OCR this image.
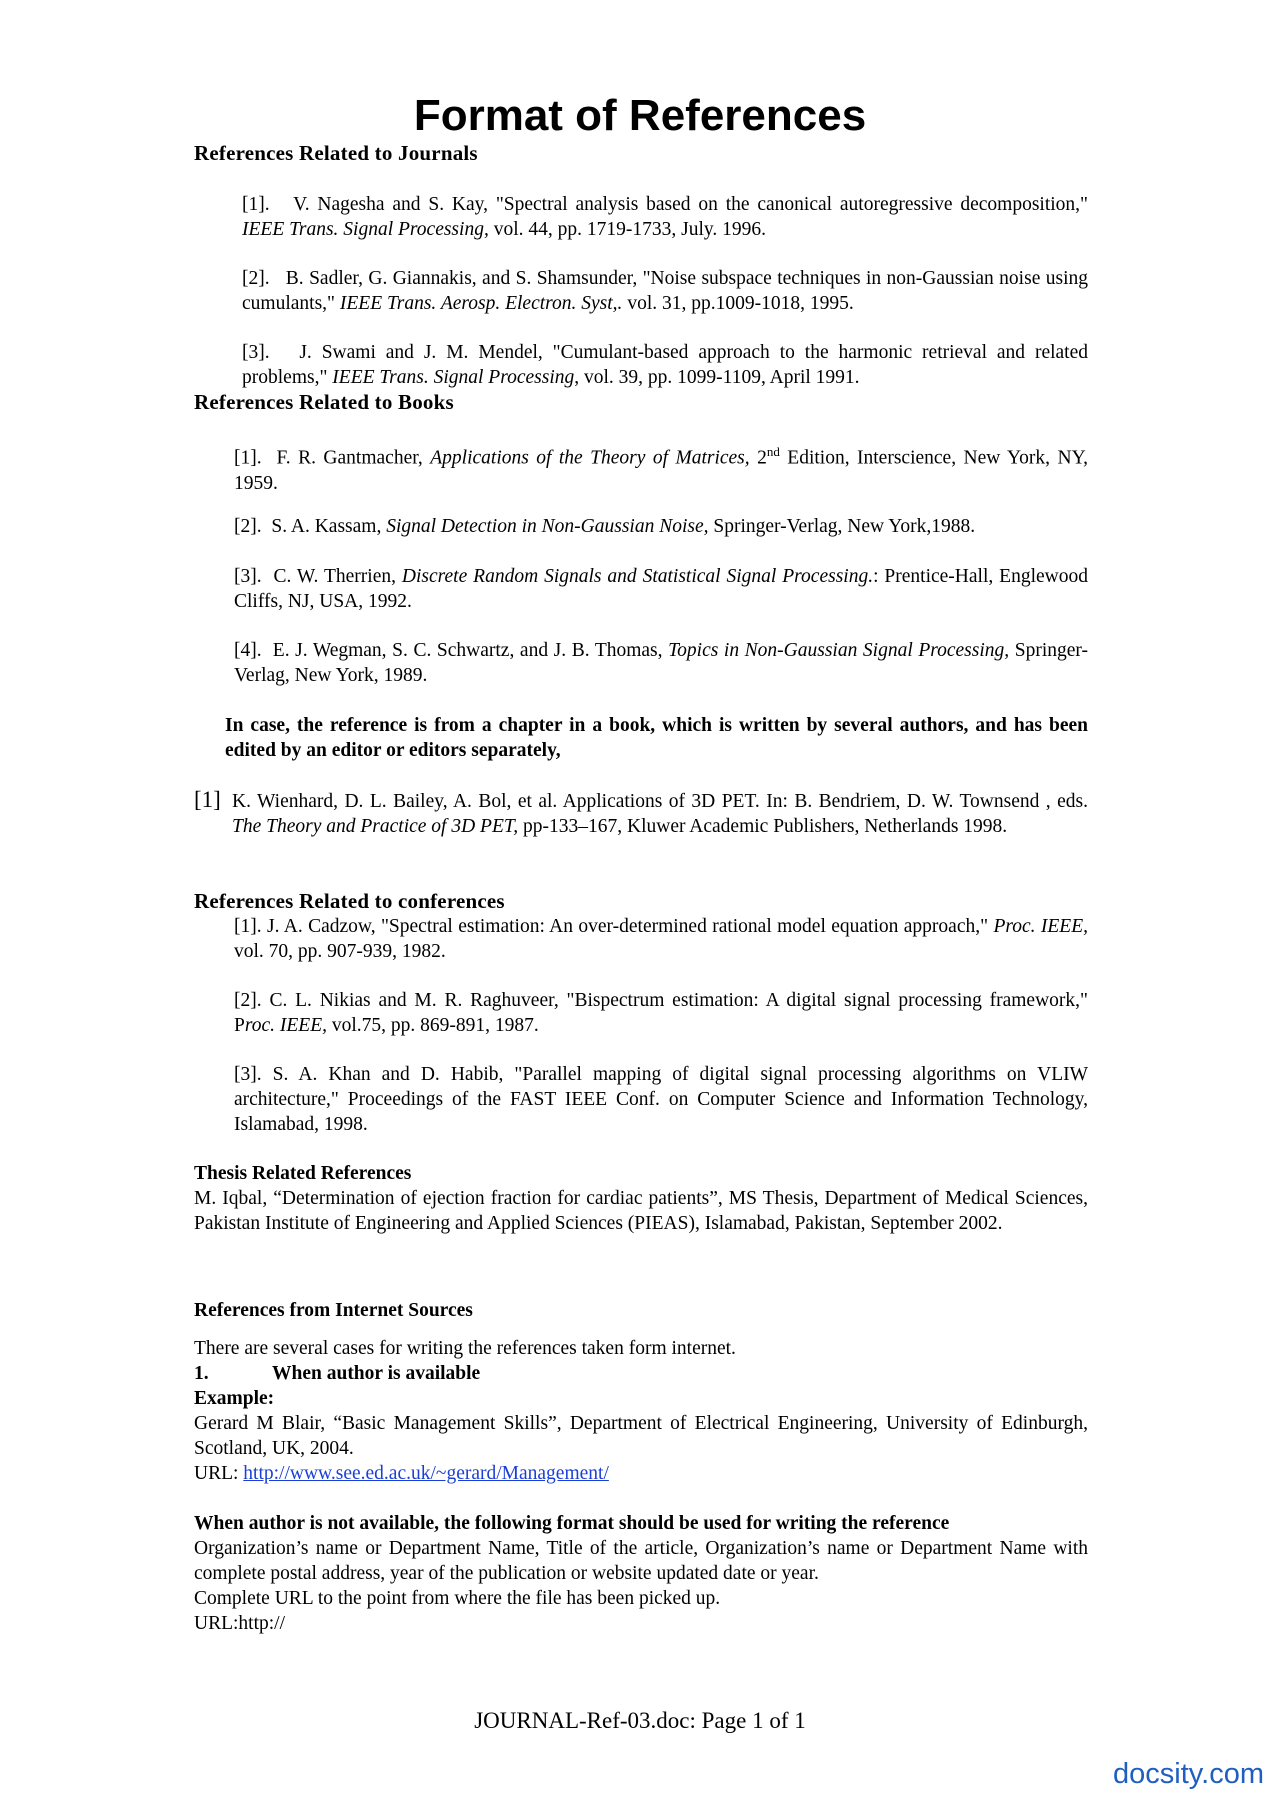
Format of References
References Related to Journals
[1]. V. Nagesha and S. Kay, "Spectral analysis based on the canonical autoregressive decomposition," IEEE Trans. Signal Processing, vol. 44, pp. 1719-1733, July. 1996.
[2]. B. Sadler, G. Giannakis, and S. Shamsunder, "Noise subspace techniques in non-Gaussian noise using cumulants," IEEE Trans. Aerosp. Electron. Syst,. vol. 31, pp.1009-1018, 1995.
[3]. J. Swami and J. M. Mendel, "Cumulant-based approach to the harmonic retrieval and related problems," IEEE Trans. Signal Processing, vol. 39, pp. 1099-1109, April 1991.
References Related to Books
[1]. F. R. Gantmacher, Applications of the Theory of Matrices, 2nd Edition, Interscience, New York, NY, 1959.
[2]. S. A. Kassam, Signal Detection in Non-Gaussian Noise, Springer-Verlag, New York,1988.
[3]. C. W. Therrien, Discrete Random Signals and Statistical Signal Processing.: Prentice-Hall, Englewood Cliffs, NJ, USA, 1992.
[4]. E. J. Wegman, S. C. Schwartz, and J. B. Thomas, Topics in Non-Gaussian Signal Processing, Springer-Verlag, New York, 1989.
In case, the reference is from a chapter in a book, which is written by several authors, and has been edited by an editor or editors separately,
[1] K. Wienhard, D. L. Bailey, A. Bol, et al. Applications of 3D PET. In: B. Bendriem, D. W. Townsend , eds. The Theory and Practice of 3D PET, pp-133–167, Kluwer Academic Publishers, Netherlands 1998.
References Related to conferences
[1]. J. A. Cadzow, "Spectral estimation: An over-determined rational model equation approach," Proc. IEEE, vol. 70, pp. 907-939, 1982.
[2]. C. L. Nikias and M. R. Raghuveer, "Bispectrum estimation: A digital signal processing framework," Proc. IEEE, vol.75, pp. 869-891, 1987.
[3]. S. A. Khan and D. Habib, "Parallel mapping of digital signal processing algorithms on VLIW architecture," Proceedings of the FAST IEEE Conf. on Computer Science and Information Technology, Islamabad, 1998.
Thesis Related References
M. Iqbal, “Determination of ejection fraction for cardiac patients”, MS Thesis, Department of Medical Sciences, Pakistan Institute of Engineering and Applied Sciences (PIEAS), Islamabad, Pakistan, September 2002.
References from Internet Sources
There are several cases for writing the references taken form internet.
1.	When author is available
Example:
Gerard M Blair, “Basic Management Skills”, Department of Electrical Engineering, University of Edinburgh, Scotland, UK, 2004.
URL: http://www.see.ed.ac.uk/~gerard/Management/
When author is not available, the following format should be used for writing the reference
Organization’s name or Department Name, Title of the article, Organization’s name or Department Name with complete postal address, year of the publication or website updated date or year.
Complete URL to the point from where the file has been picked up.
URL:http://
JOURNAL-Ref-03.doc: Page 1 of 1
docsity.com
